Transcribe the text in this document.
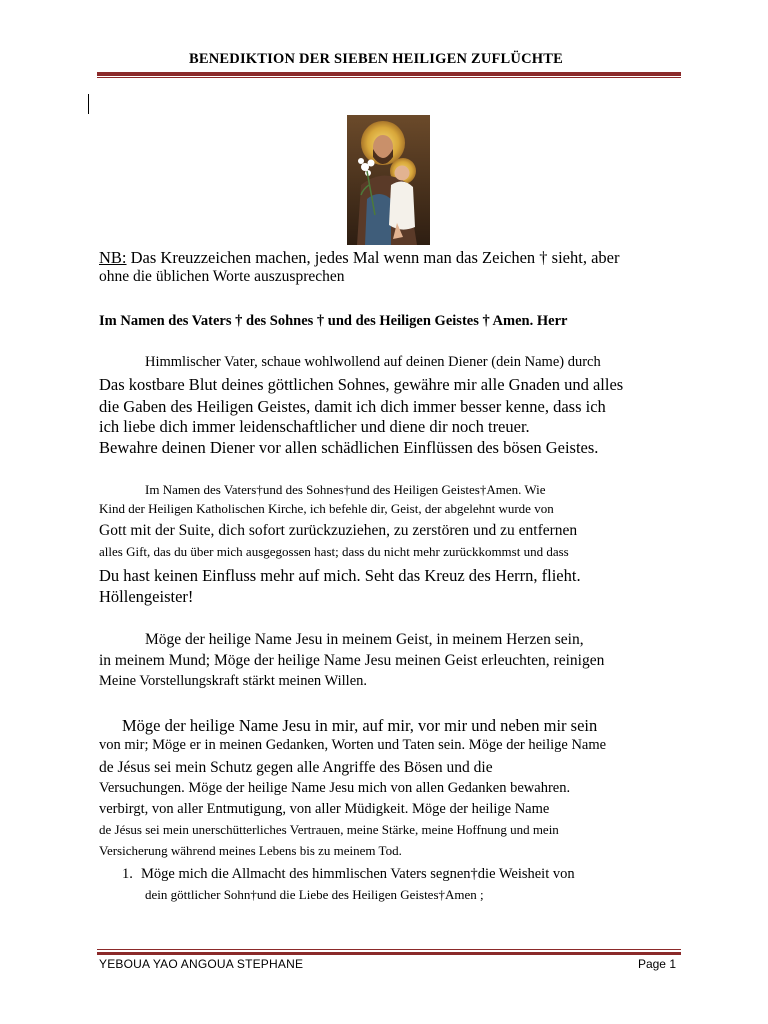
BENEDIKTION DER SIEBEN HEILIGEN ZUFLÜCHTE
NB: Das Kreuzzeichen machen, jedes Mal wenn man das Zeichen † sieht, aber
ohne die üblichen Worte auszusprechen
Im Namen des Vaters † des Sohnes † und des Heiligen Geistes † Amen. Herr
Himmlischer Vater, schaue wohlwollend auf deinen Diener (dein Name) durch
Das kostbare Blut deines göttlichen Sohnes, gewähre mir alle Gnaden und alles
die Gaben des Heiligen Geistes, damit ich dich immer besser kenne, dass ich
ich liebe dich immer leidenschaftlicher und diene dir noch treuer.
Bewahre deinen Diener vor allen schädlichen Einflüssen des bösen Geistes.
Im Namen des Vaters†und des Sohnes†und des Heiligen Geistes†Amen. Wie
Kind der Heiligen Katholischen Kirche, ich befehle dir, Geist, der abgelehnt wurde von
Gott mit der Suite, dich sofort zurückzuziehen, zu zerstören und zu entfernen
alles Gift, das du über mich ausgegossen hast; dass du nicht mehr zurückkommst und dass
Du hast keinen Einfluss mehr auf mich. Seht das Kreuz des Herrn, flieht.
Höllengeister!
Möge der heilige Name Jesu in meinem Geist, in meinem Herzen sein,
in meinem Mund; Möge der heilige Name Jesu meinen Geist erleuchten, reinigen
Meine Vorstellungskraft stärkt meinen Willen.
Möge der heilige Name Jesu in mir, auf mir, vor mir und neben mir sein
von mir; Möge er in meinen Gedanken, Worten und Taten sein. Möge der heilige Name
de Jésus sei mein Schutz gegen alle Angriffe des Bösen und die
Versuchungen. Möge der heilige Name Jesu mich von allen Gedanken bewahren.
verbirgt, von aller Entmutigung, von aller Müdigkeit. Möge der heilige Name
de Jésus sei mein unerschütterliches Vertrauen, meine Stärke, meine Hoffnung und mein
Versicherung während meines Lebens bis zu meinem Tod.
1. Möge mich die Allmacht des himmlischen Vaters segnen†die Weisheit von
dein göttlicher Sohn†und die Liebe des Heiligen Geistes†Amen ;
YEBOUA YAO ANGOUA STEPHANE	Page 1
